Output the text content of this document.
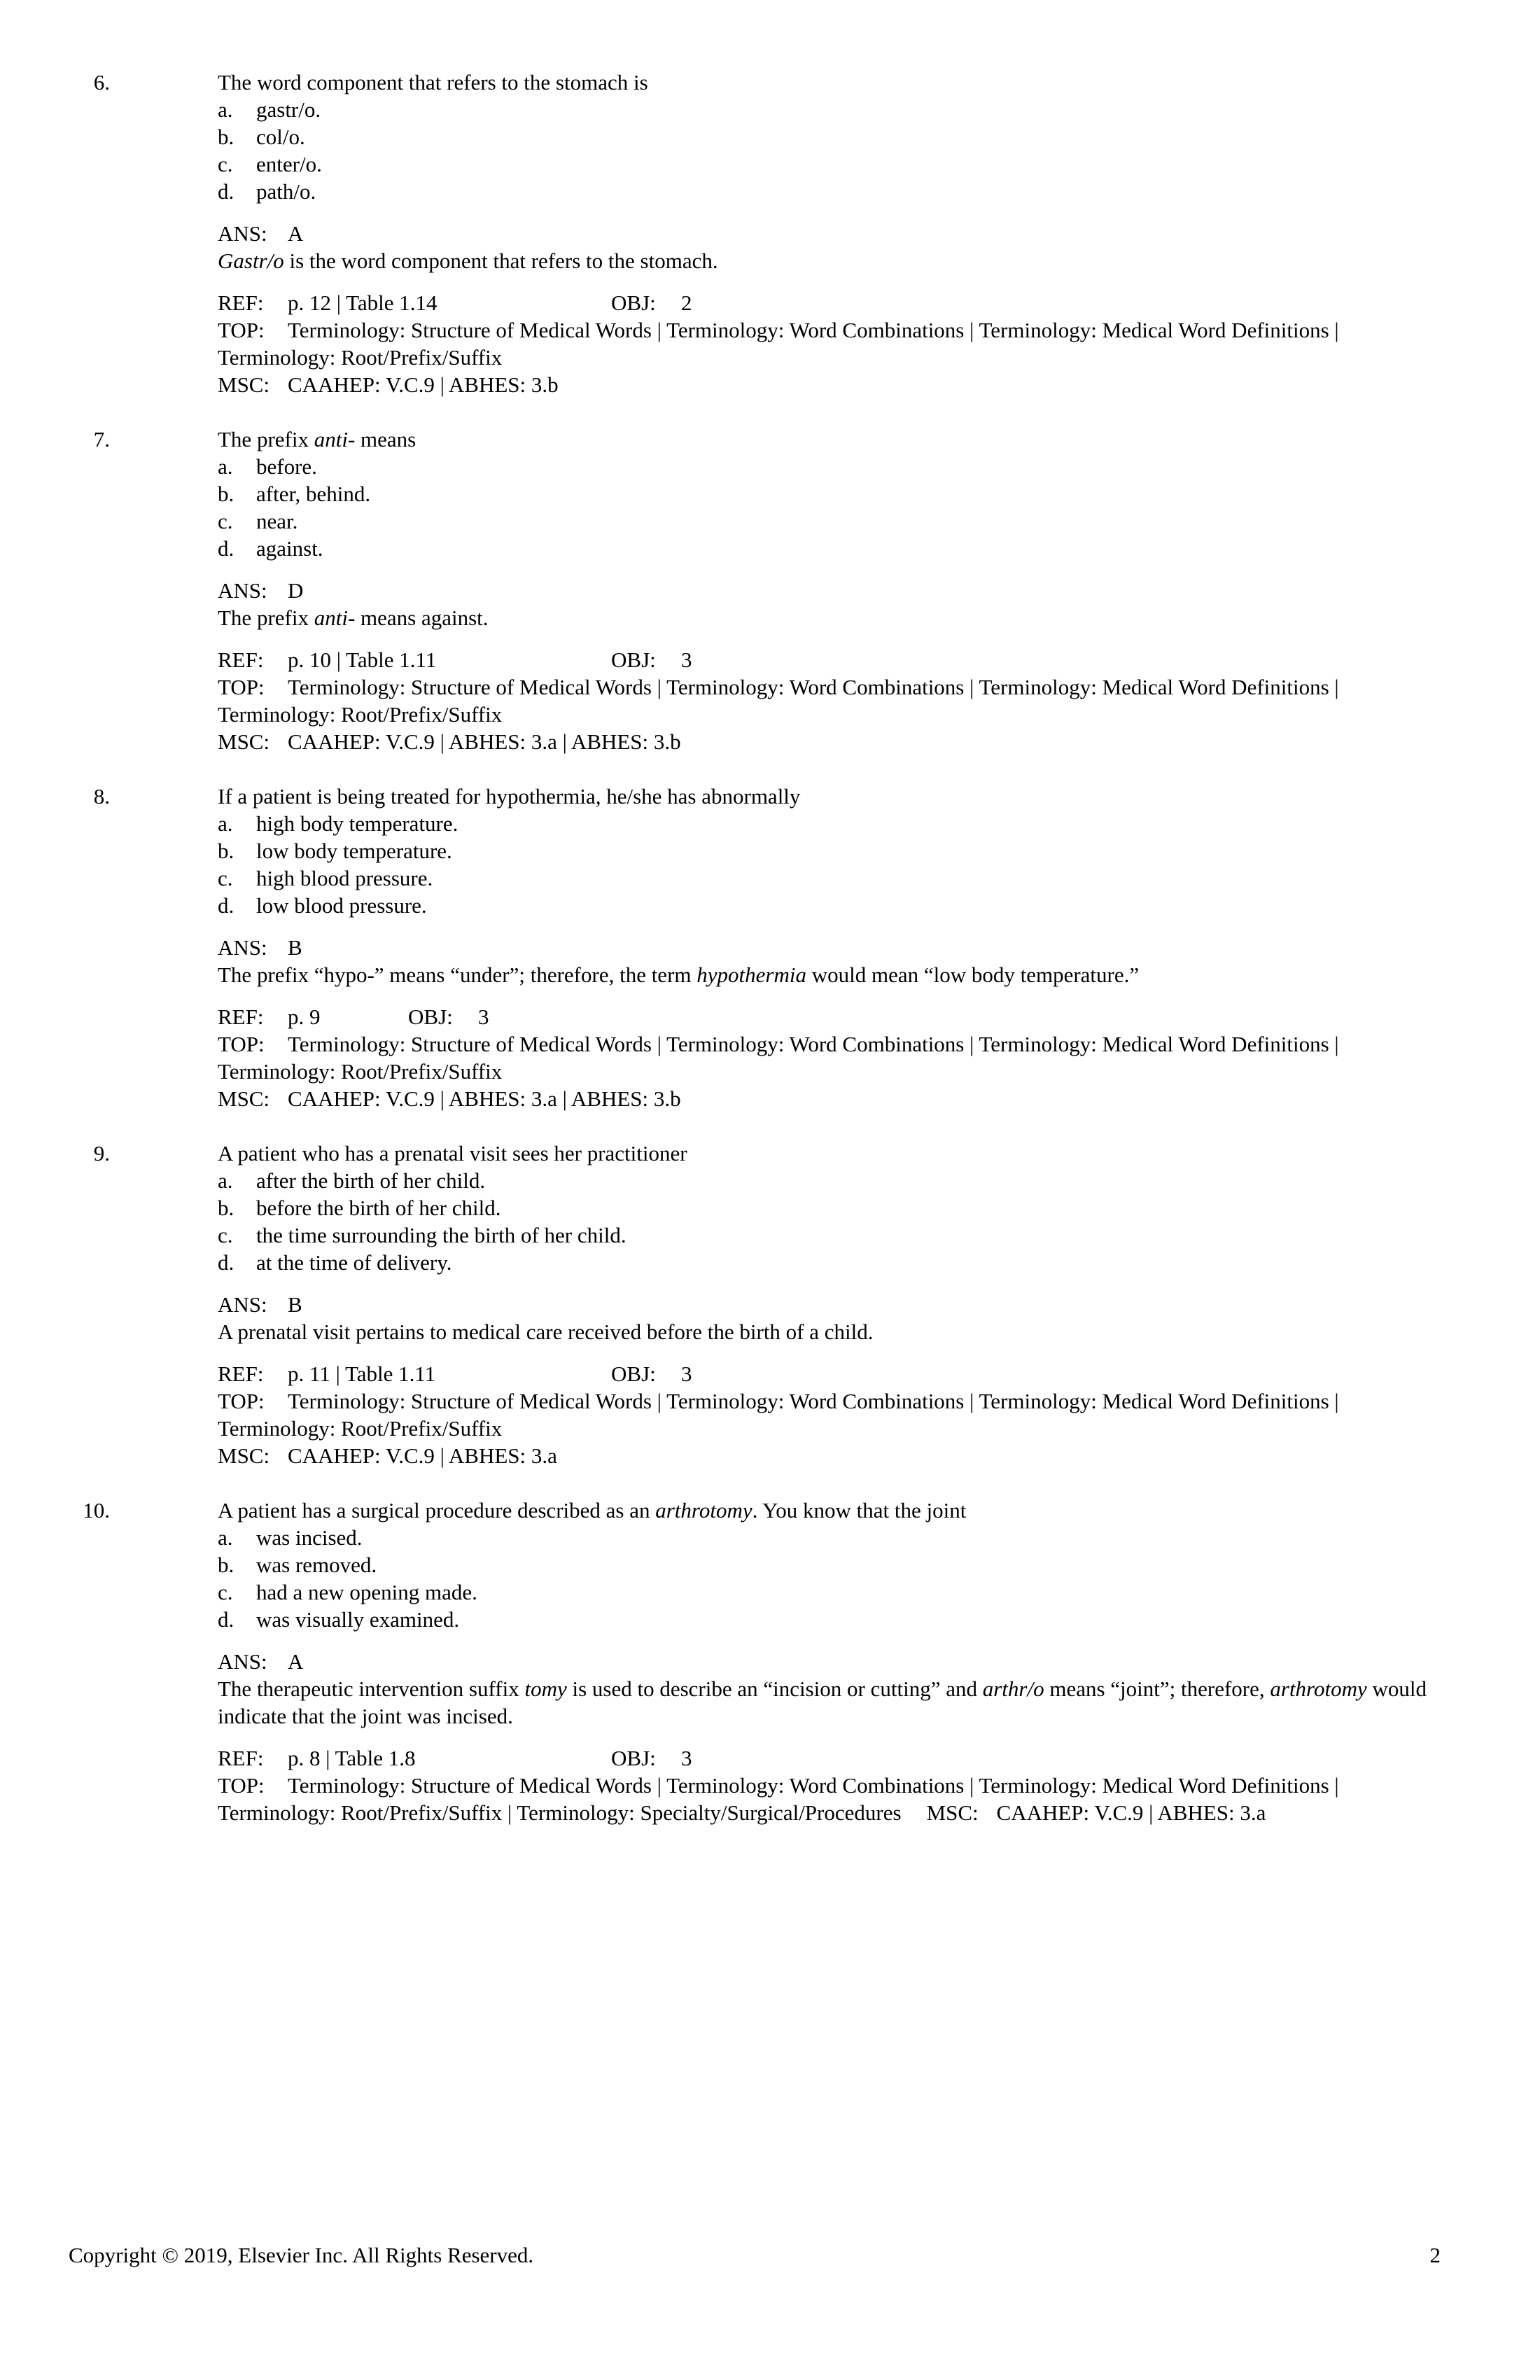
6.	The word component that refers to the stomach is
a. gastr/o.
b. col/o.
c. enter/o.
d. path/o.
ANS: A
Gastr/o is the word component that refers to the stomach.
REF: p. 12 | Table 1.14	OBJ: 2
TOP: Terminology: Structure of Medical Words | Terminology: Word Combinations | Terminology: Medical Word Definitions | Terminology: Root/Prefix/Suffix
MSC: CAAHEP: V.C.9 | ABHES: 3.b
7.	The prefix anti- means
a. before.
b. after, behind.
c. near.
d. against.
ANS: D
The prefix anti- means against.
REF: p. 10 | Table 1.11	OBJ: 3
TOP: Terminology: Structure of Medical Words | Terminology: Word Combinations | Terminology: Medical Word Definitions | Terminology: Root/Prefix/Suffix
MSC: CAAHEP: V.C.9 | ABHES: 3.a | ABHES: 3.b
8.	If a patient is being treated for hypothermia, he/she has abnormally
a. high body temperature.
b. low body temperature.
c. high blood pressure.
d. low blood pressure.
ANS: B
The prefix “hypo-” means “under”; therefore, the term hypothermia would mean “low body temperature.”
REF: p. 9	OBJ: 3
TOP: Terminology: Structure of Medical Words | Terminology: Word Combinations | Terminology: Medical Word Definitions | Terminology: Root/Prefix/Suffix
MSC: CAAHEP: V.C.9 | ABHES: 3.a | ABHES: 3.b
9.	A patient who has a prenatal visit sees her practitioner
a. after the birth of her child.
b. before the birth of her child.
c. the time surrounding the birth of her child.
d. at the time of delivery.
ANS: B
A prenatal visit pertains to medical care received before the birth of a child.
REF: p. 11 | Table 1.11	OBJ: 3
TOP: Terminology: Structure of Medical Words | Terminology: Word Combinations | Terminology: Medical Word Definitions | Terminology: Root/Prefix/Suffix
MSC: CAAHEP: V.C.9 | ABHES: 3.a
10.	A patient has a surgical procedure described as an arthrotomy. You know that the joint
a. was incised.
b. was removed.
c. had a new opening made.
d. was visually examined.
ANS: A
The therapeutic intervention suffix tomy is used to describe an “incision or cutting” and arthr/o means “joint”; therefore, arthrotomy would indicate that the joint was incised.
REF: p. 8 | Table 1.8	OBJ: 3
TOP: Terminology: Structure of Medical Words | Terminology: Word Combinations | Terminology: Medical Word Definitions | Terminology: Root/Prefix/Suffix | Terminology: Specialty/Surgical/Procedures MSC: CAAHEP: V.C.9 | ABHES: 3.a
Copyright © 2019, Elsevier Inc. All Rights Reserved.	2
